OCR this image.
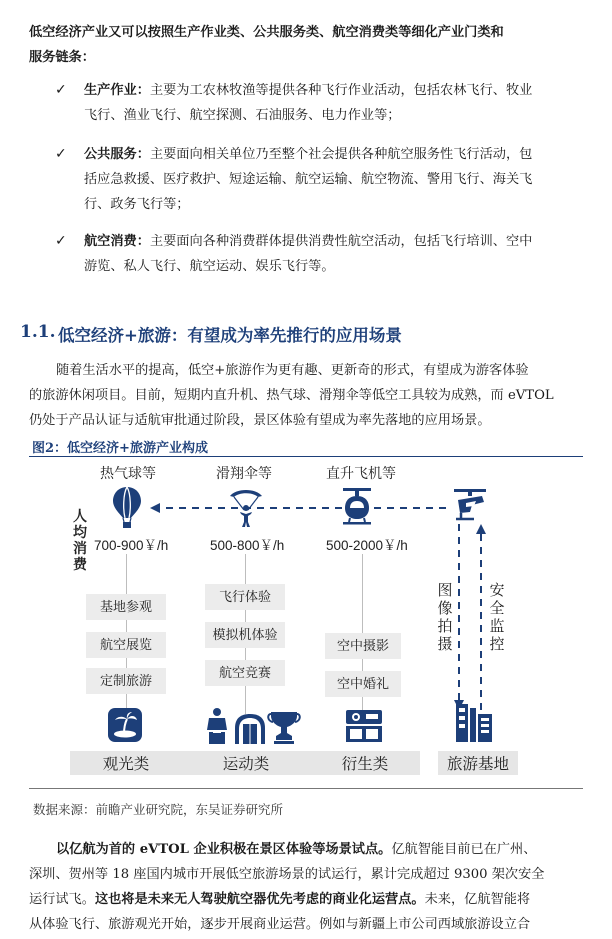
低空经济产业又可以按照生产作业类、公共服务类、航空消费类等细化产业门类和
服务链条：
✓ 生产作业：主要为工农林牧渔等提供各种飞行作业活动，包括农林飞行、牧业
飞行、渔业飞行、航空探测、石油服务、电力作业等；
✓ 公共服务：主要面向相关单位乃至整个社会提供各种航空服务性飞行活动，包
括应急救援、医疗救护、短途运输、航空运输、航空物流、警用飞行、海关飞
行、政务飞行等；
✓ 航空消费：主要面向各种消费群体提供消费性航空活动，包括飞行培训、空中
游览、私人飞行、航空运动、娱乐飞行等。
1.1. 低空经济+旅游：有望成为率先推行的应用场景
随着生活水平的提高，低空+旅游作为更有趣、更新奇的形式，有望成为游客体验
的旅游休闲项目。目前，短期内直升机、热气球、滑翔伞等低空工具较为成熟，而 eVTOL
仍处于产品认证与适航审批通过阶段，景区体验有望成为率先落地的应用场景。
图2：低空经济+旅游产业构成
热气球等	滑翔伞等	直升飞机等
人均消费
700-900￥/h	500-800￥/h	500-2000￥/h
基地参观
航空展览
定制旅游
飞行体验
模拟机体验
航空竞赛
空中摄影
空中婚礼
图像拍摄
安全监控
观光类	运动类	衍生类	旅游基地
数据来源：前瞻产业研究院，东吴证券研究所
以亿航为首的 eVTOL 企业积极在景区体验等场景试点。亿航智能目前已在广州、
深圳、贺州等 18 座国内城市开展低空旅游场景的试运行，累计完成超过 9300 架次安全
运行试飞。这也将是未来无人驾驶航空器优先考虑的商业化运营点。未来，亿航智能将
从体验飞行、旅游观光开始，逐步开展商业运营。例如与新疆上市公司西域旅游设立合
